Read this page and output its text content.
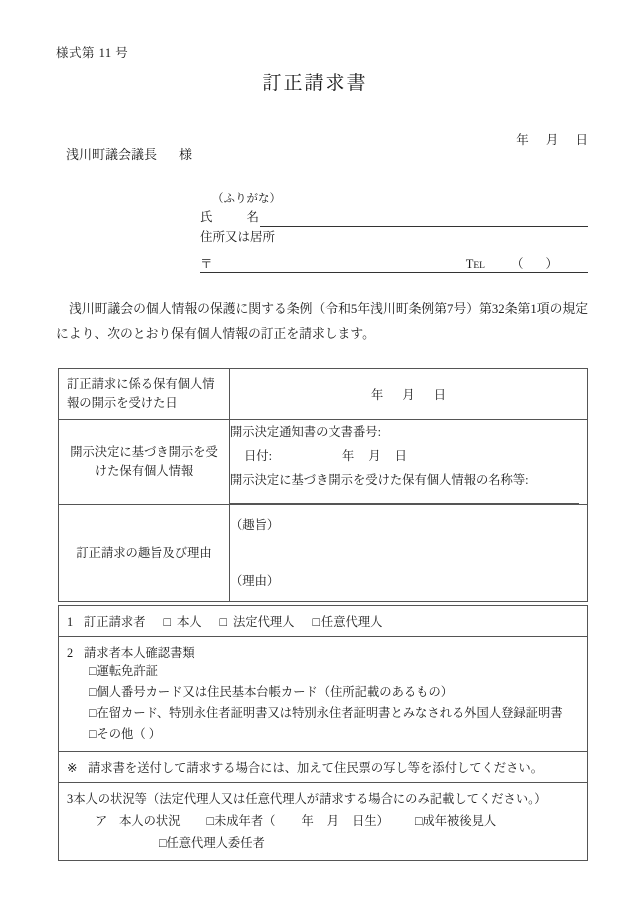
様式第 11 号
訂正請求書
年 月 日
浅川町議会議長 様
（ふりがな）
氏	名
住所又は居所
〒	TEL	（ ）
浅川町議会の個人情報の保護に関する条例（令和5年浅川町条例第7号）第32条第1項の規定により、次のとおり保有個人情報の訂正を請求します。
訂正請求に係る保有個人情報の開示を受けた日	年 月 日

開示決定に基づき開示を受けた保有個人情報	開示決定通知書の文書番号:
日付: 年 月 日
開示決定に基づき開示を受けた保有個人情報の名称等:

訂正請求の趣旨及び理由	（趣旨）
（理由）
1 訂正請求者 □ 本人 □ 法定代理人 □任意代理人

2 請求者本人確認書類
□運転免許証
□個人番号カード又は住民基本台帳カード（住所記載のあるもの）
□在留カード、特別永住者証明書又は特別永住者証明書とみなされる外国人登録証明書
□その他（ ）

※ 請求書を送付して請求する場合には、加えて住民票の写し等を添付してください。

3本人の状況等（法定代理人又は任意代理人が請求する場合にのみ記載してください。）
ア 本人の状況 □未成年者（ 年 月 日生） □成年被後見人
□任意代理人委任者
